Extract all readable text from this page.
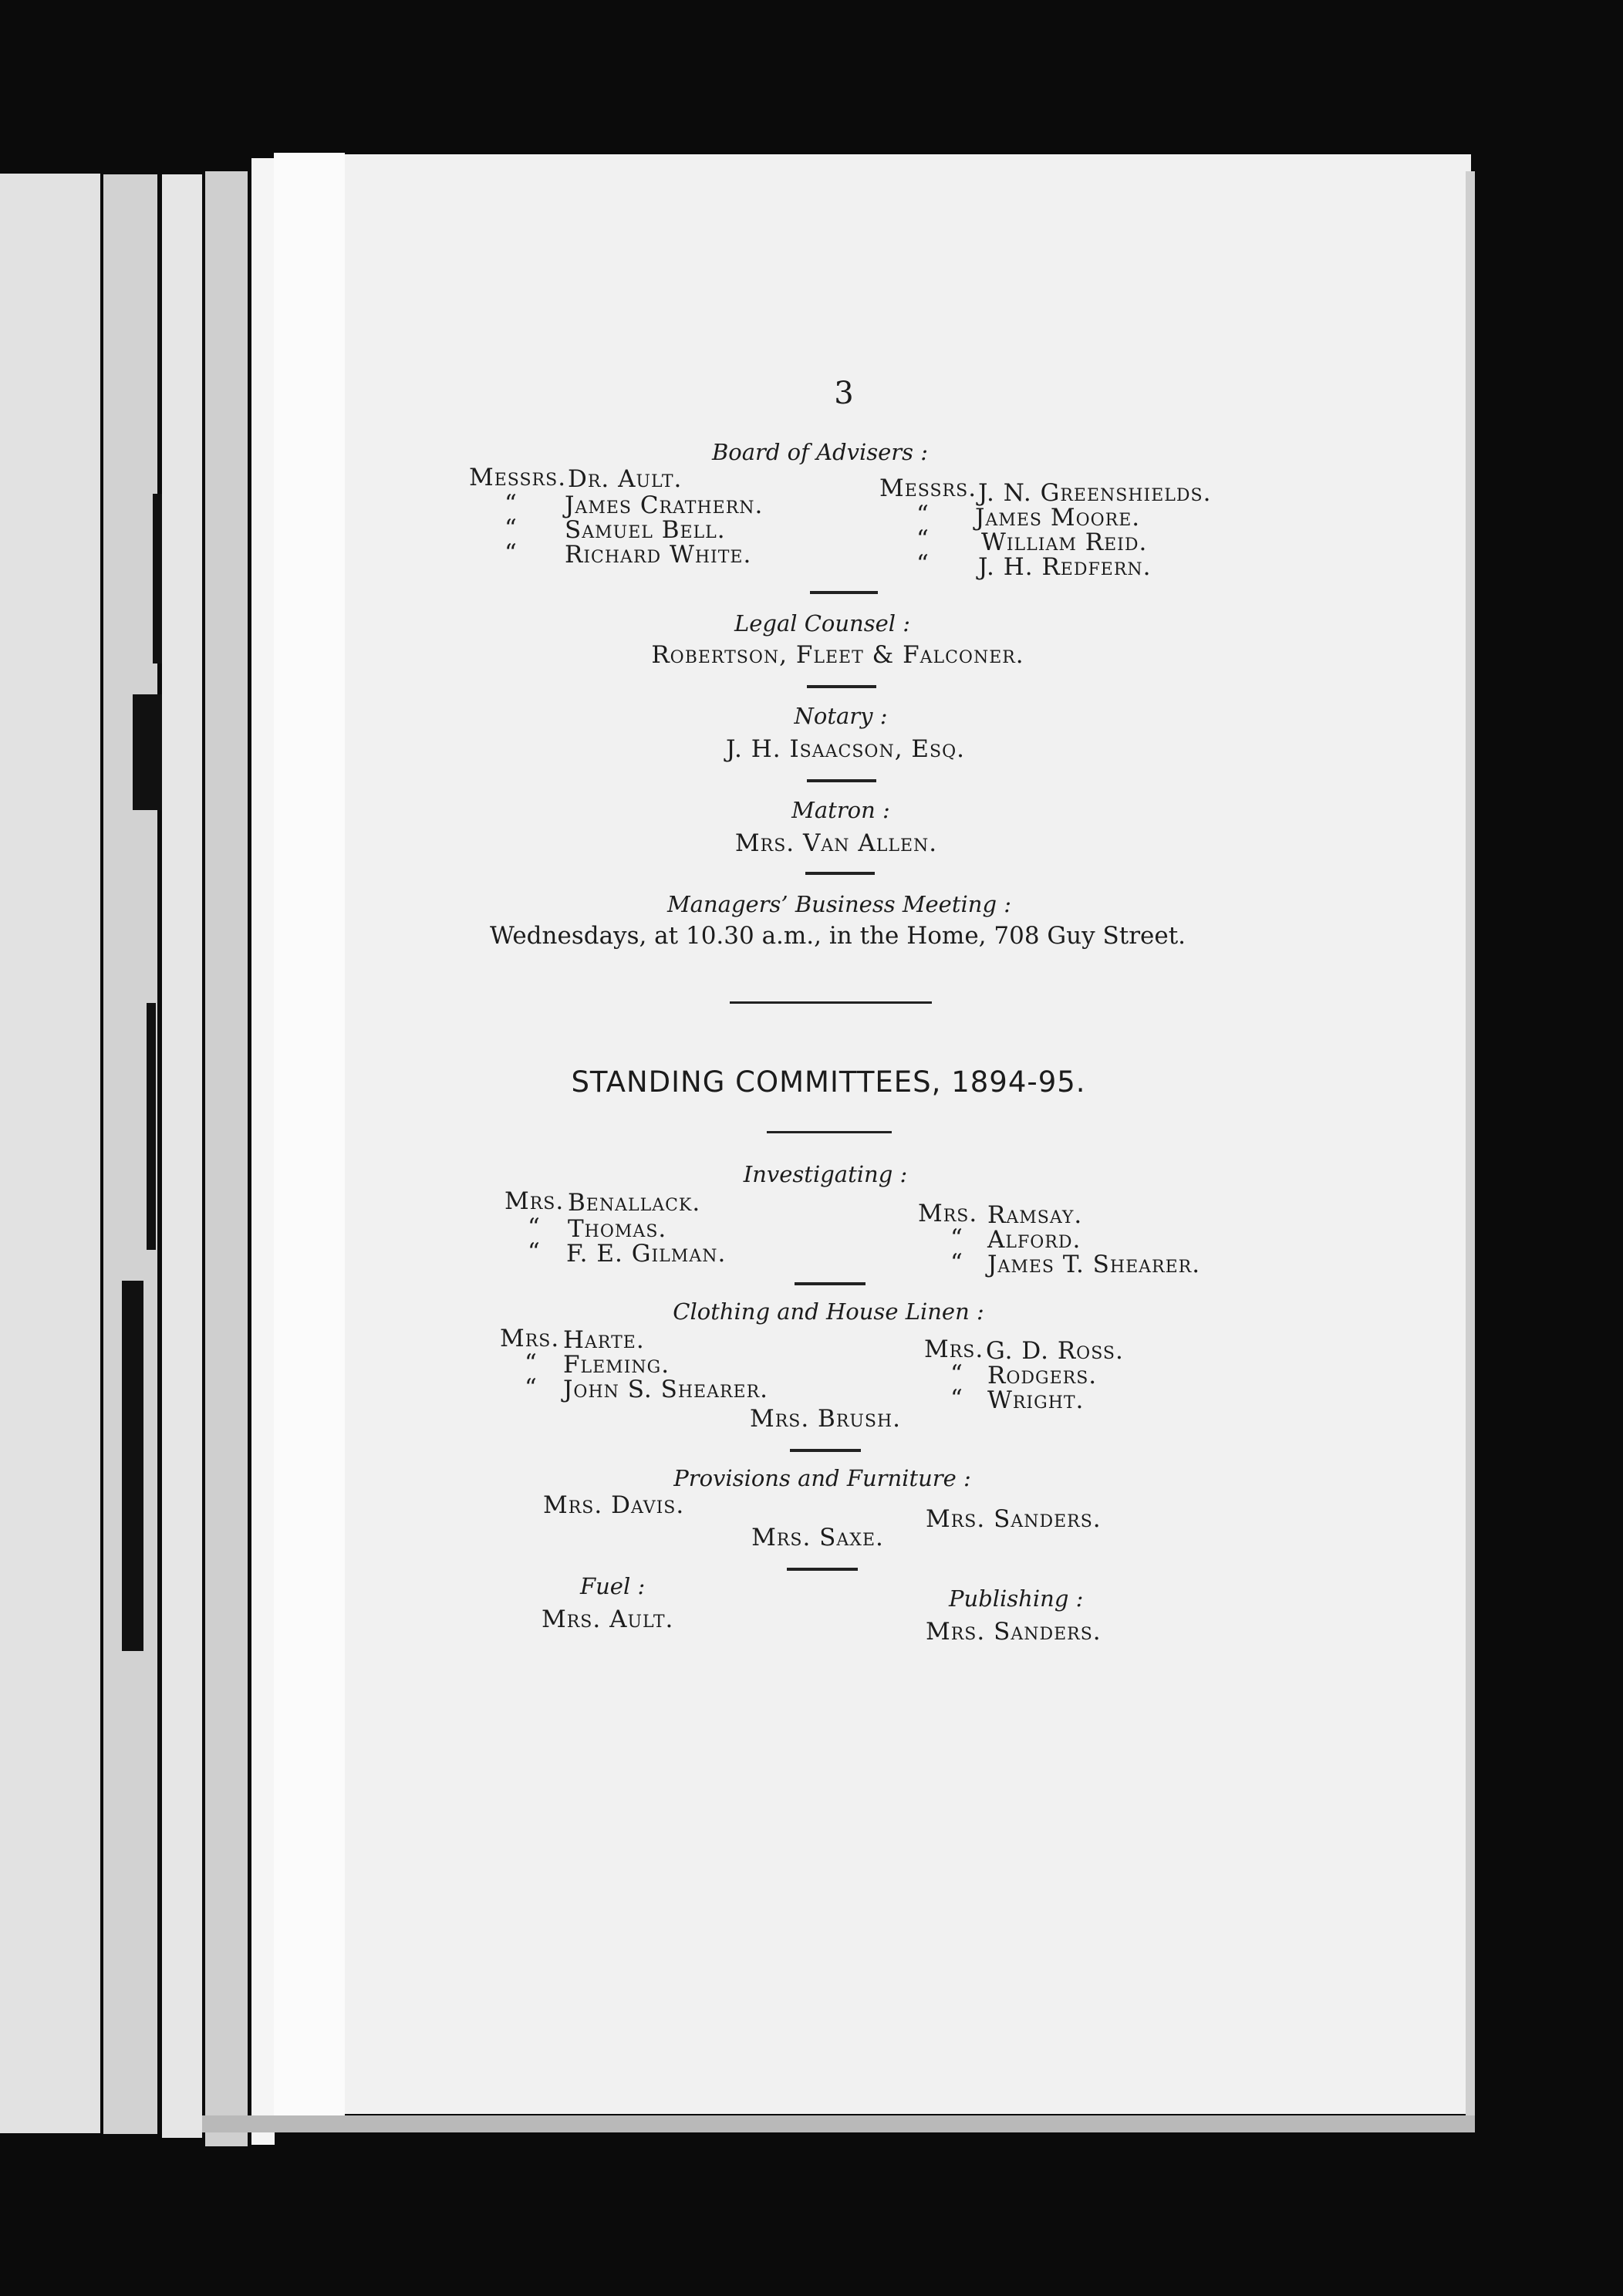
3
Board of Advisers :
Messrs.
“
“
“
Dr. Ault.
James Crathern.
Samuel Bell.
Richard White.
Messrs.
“
“
“
J. N. Greenshields.
James Moore.
William Reid.
J. H. Redfern.
Legal Counsel :
Robertson, Fleet & Falconer.
Notary :
J. H. Isaacson, Esq.
Matron :
Mrs. Van Allen.
Managers’ Business Meeting :
Wednesdays, at 10.30 a.m., in the Home, 708 Guy Street.
STANDING COMMITTEES, 1894-95.
Investigating :
Mrs.
“
“
Benallack.
Thomas.
F. E. Gilman.
Mrs.
“
“
Ramsay.
Alford.
James T. Shearer.
Clothing and House Linen :
Mrs.
“
“
Harte.
Fleming.
John S. Shearer.
Mrs.
“
“
G. D. Ross.
Rodgers.
Wright.
Mrs. Brush.
Provisions and Furniture :
Mrs. Davis.	Mrs. Sanders.
Mrs. Saxe.
Fuel :
Mrs. Ault.
Publishing :
Mrs. Sanders.
